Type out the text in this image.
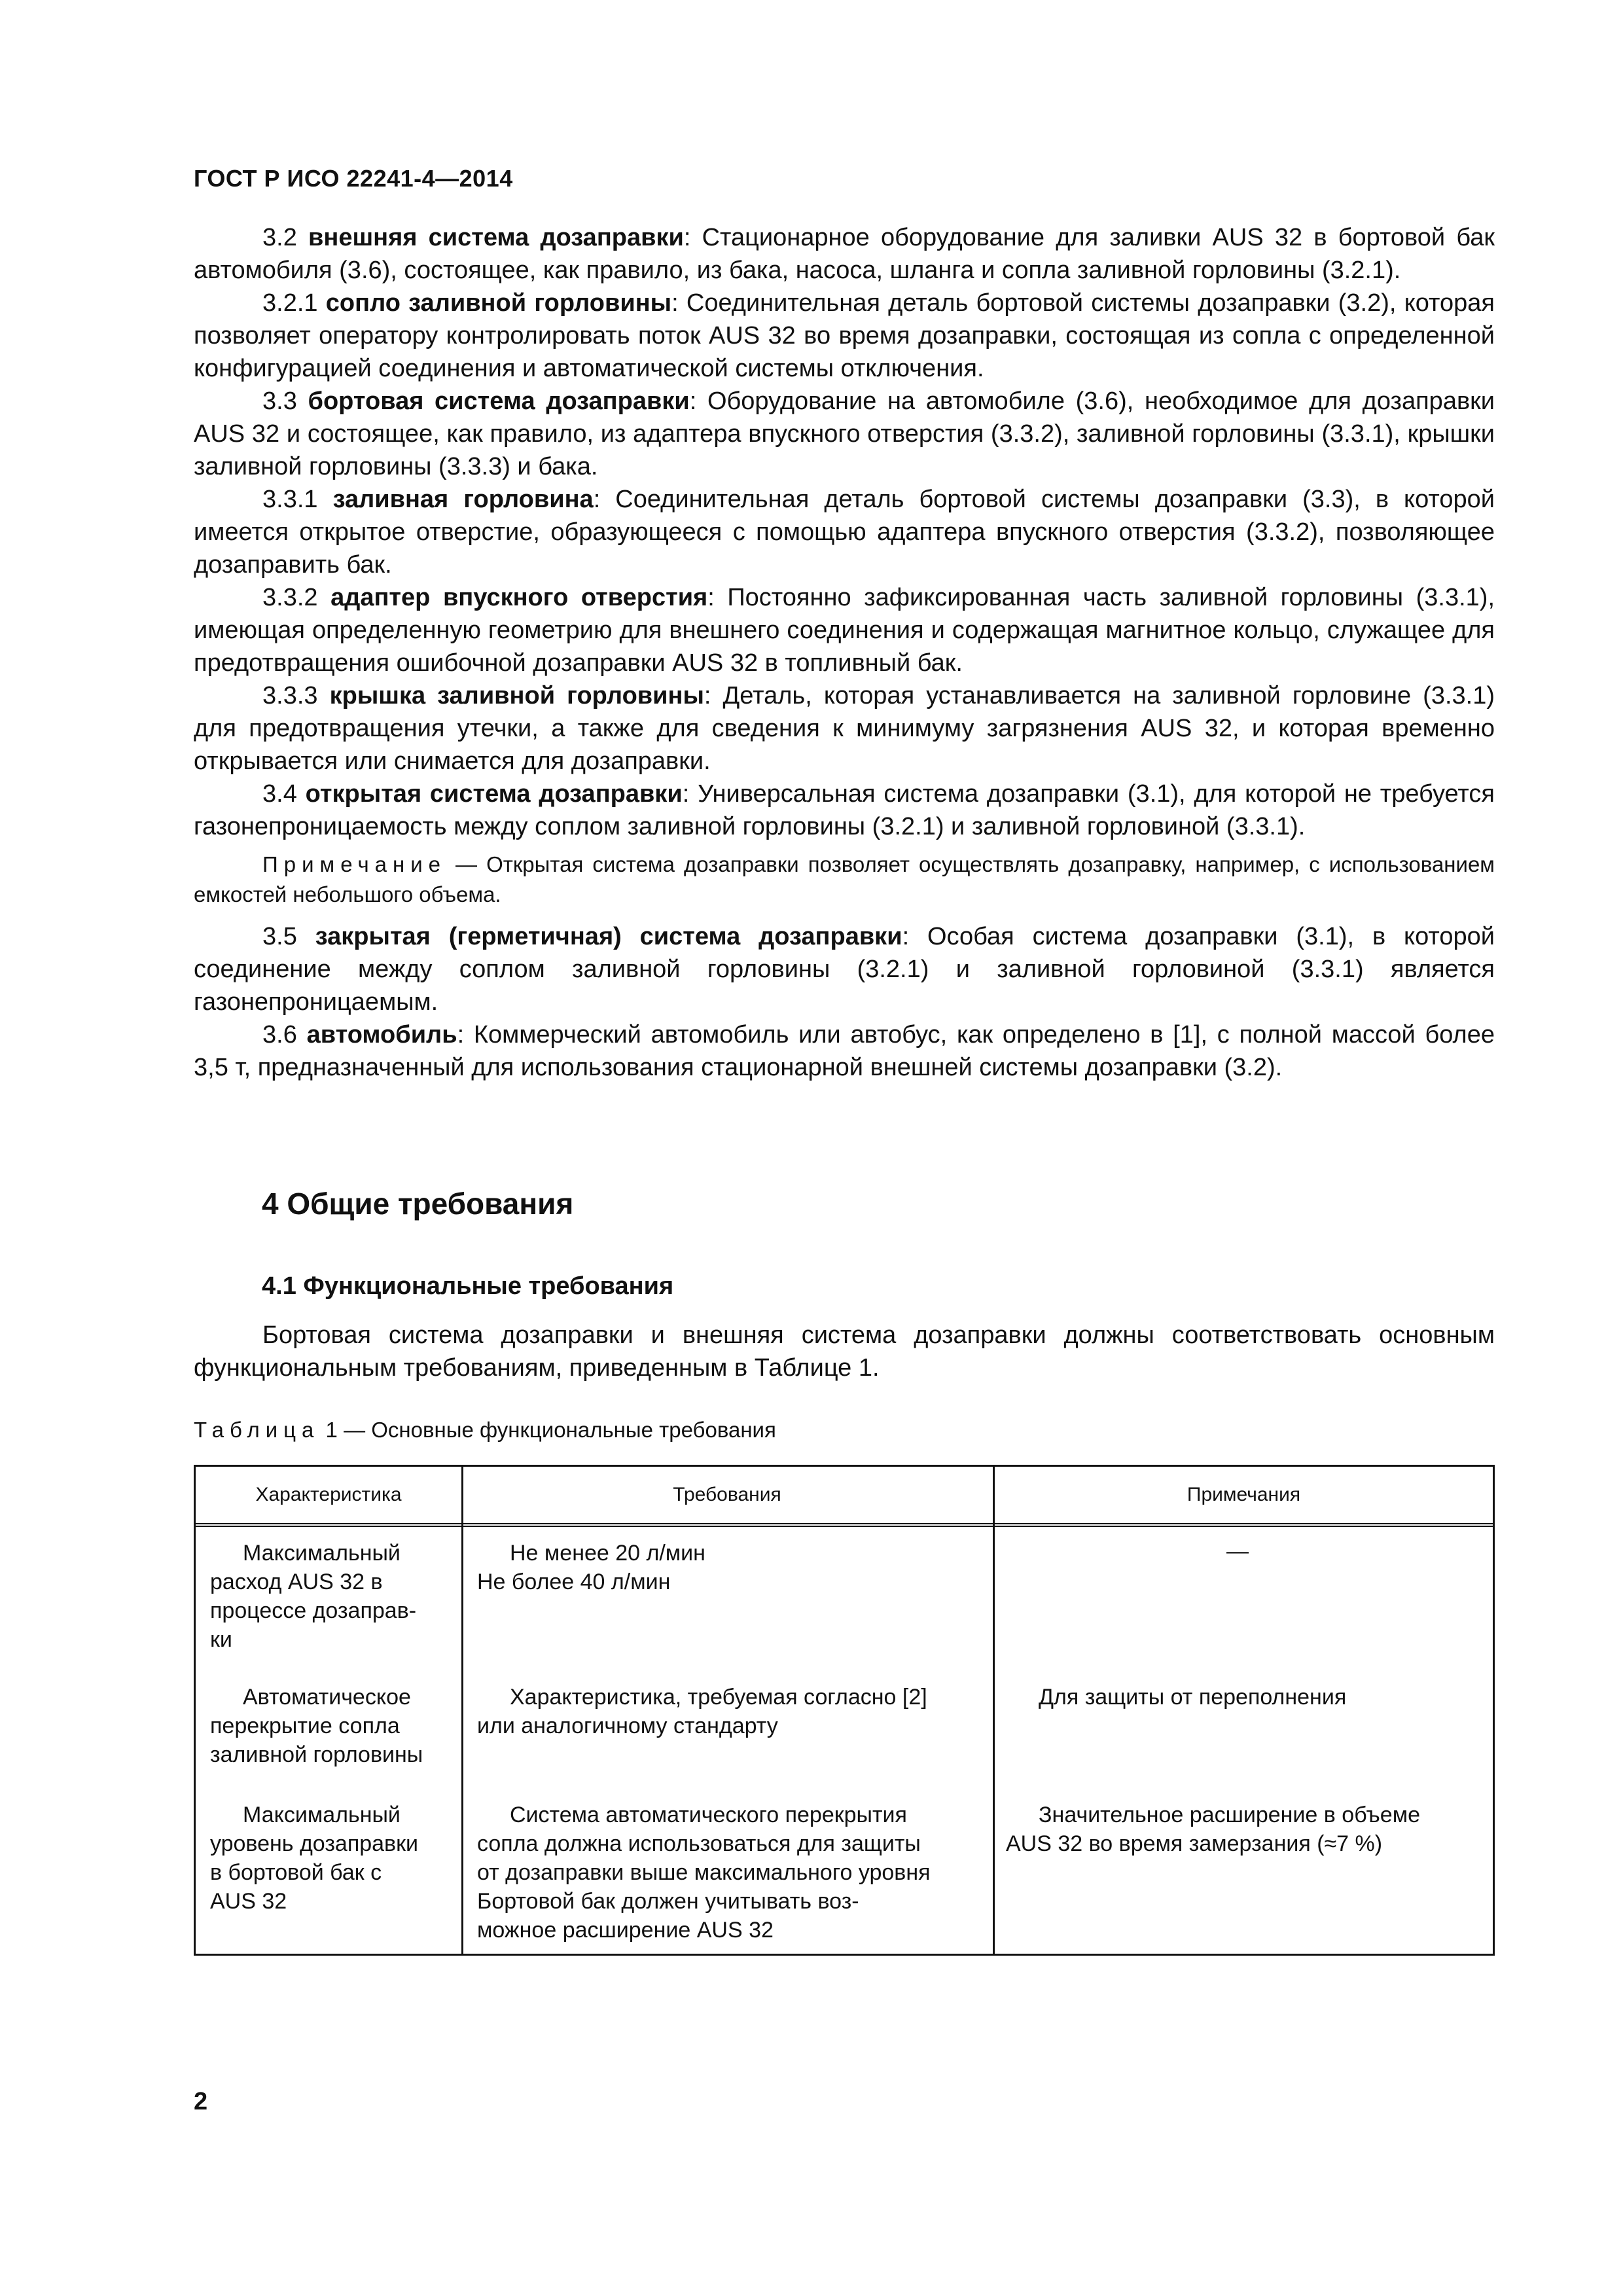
ГОСТ Р ИСО 22241-4—2014

3.2 внешняя система дозаправки: Стационарное оборудование для заливки AUS 32 в бортовой бак автомобиля (3.6), состоящее, как правило, из бака, насоса, шланга и сопла заливной горловины (3.2.1).

3.2.1 сопло заливной горловины: Соединительная деталь бортовой системы дозаправки (3.2), которая позволяет оператору контролировать поток AUS 32 во время дозаправки, состоящая из сопла с определенной конфигурацией соединения и автоматической системы отключения.

3.3 бортовая система дозаправки: Оборудование на автомобиле (3.6), необходимое для дозаправки AUS 32 и состоящее, как правило, из адаптера впускного отверстия (3.3.2), заливной горловины (3.3.1), крышки заливной горловины (3.3.3) и бака.

3.3.1 заливная горловина: Соединительная деталь бортовой системы дозаправки (3.3), в которой имеется открытое отверстие, образующееся с помощью адаптера впускного отверстия (3.3.2), позволяющее дозаправить бак.

3.3.2 адаптер впускного отверстия: Постоянно зафиксированная часть заливной горловины (3.3.1), имеющая определенную геометрию для внешнего соединения и содержащая магнитное кольцо, служащее для предотвращения ошибочной дозаправки AUS 32 в топливный бак.

3.3.3 крышка заливной горловины: Деталь, которая устанавливается на заливной горловине (3.3.1) для предотвращения утечки, а также для сведения к минимуму загрязнения AUS 32, и которая временно открывается или снимается для дозаправки.

3.4 открытая система дозаправки: Универсальная система дозаправки (3.1), для которой не требуется газонепроницаемость между соплом заливной горловины (3.2.1) и заливной горловиной (3.3.1).

Примечание — Открытая система дозаправки позволяет осуществлять дозаправку, например, с использованием емкостей небольшого объема.

3.5 закрытая (герметичная) система дозаправки: Особая система дозаправки (3.1), в которой соединение между соплом заливной горловины (3.2.1) и заливной горловиной (3.3.1) является газонепроницаемым.

3.6 автомобиль: Коммерческий автомобиль или автобус, как определено в [1], с полной массой более 3,5 т, предназначенный для использования стационарной внешней системы дозаправки (3.2).

4 Общие требования
4.1 Функциональные требования

Бортовая система дозаправки и внешняя система дозаправки должны соответствовать основным функциональным требованиям, приведенным в Таблице 1.

Таблица 1 — Основные функциональные требования
Характеристика	Требования	Примечания
Максимальный
расход AUS 32 в
процессе дозаправ-
ки
Не менее 20 л/мин
Не более 40 л/мин
—
Автоматическое
перекрытие сопла
заливной горловины
Характеристика, требуемая согласно [2]
или аналогичному стандарту
Для защиты от переполнения
Максимальный
уровень дозаправки
в бортовой бак с
AUS 32
Система автоматического перекрытия
сопла должна использоваться для защиты
от дозаправки выше максимального уровня
Бортовой бак должен учитывать воз-
можное расширение AUS 32
Значительное расширение в объеме
AUS 32 во время замерзания (≈7 %)
2
